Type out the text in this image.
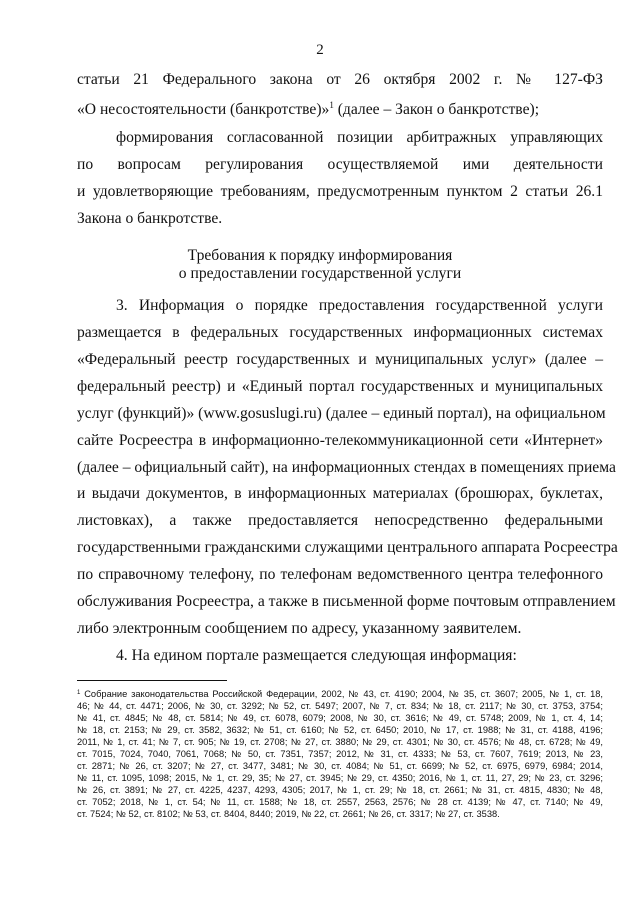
2
статьи 21 Федерального закона от 26 октября 2002 г. № 127-ФЗ
«О несостоятельности (банкротстве)»$^1$ (далее – Закон о банкротстве);
формирования согласованной позиции арбитражных управляющих
по вопросам регулирования осуществляемой ими деятельности
и удовлетворяющие требованиям, предусмотренным пунктом 2 статьи 26.1
Закона о банкротстве.
Требования к порядку информирования
о предоставлении государственной услуги
3. Информация о порядке предоставления государственной услуги
размещается в федеральных государственных информационных системах
«Федеральный реестр государственных и муниципальных услуг» (далее –
федеральный реестр) и «Единый портал государственных и муниципальных
услуг (функций)» (www.gosuslugi.ru) (далее – единый портал), на официальном
сайте Росреестра в информационно-телекоммуникационной сети «Интернет»
(далее – официальный сайт), на информационных стендах в помещениях приема
и выдачи документов, в информационных материалах (брошюрах, буклетах,
листовках), а также предоставляется непосредственно федеральными
государственными гражданскими служащими центрального аппарата Росреестра
по справочному телефону, по телефонам ведомственного центра телефонного
обслуживания Росреестра, а также в письменной форме почтовым отправлением
либо электронным сообщением по адресу, указанному заявителем.
4. На едином портале размещается следующая информация:
$^1$ Собрание законодательства Российской Федерации, 2002, № 43, ст. 4190; 2004, № 35, ст. 3607; 2005, № 1, ст. 18,
46; № 44, ст. 4471; 2006, № 30, ст. 3292; № 52, ст. 5497; 2007, № 7, ст. 834; № 18, ст. 2117; № 30, ст. 3753, 3754;
№ 41, ст. 4845; № 48, ст. 5814; № 49, ст. 6078, 6079; 2008, № 30, ст. 3616; № 49, ст. 5748; 2009, № 1, ст. 4, 14;
№ 18, ст. 2153; № 29, ст. 3582, 3632; № 51, ст. 6160; № 52, ст. 6450; 2010, № 17, ст. 1988; № 31, ст. 4188, 4196;
2011, № 1, ст. 41; № 7, ст. 905; № 19, ст. 2708; № 27, ст. 3880; № 29, ст. 4301; № 30, ст. 4576; № 48, ст. 6728; № 49,
ст. 7015, 7024, 7040, 7061, 7068; № 50, ст. 7351, 7357; 2012, № 31, ст. 4333; № 53, ст. 7607, 7619; 2013, № 23,
ст. 2871; № 26, ст. 3207; № 27, ст. 3477, 3481; № 30, ст. 4084; № 51, ст. 6699; № 52, ст. 6975, 6979, 6984; 2014,
№ 11, ст. 1095, 1098; 2015, № 1, ст. 29, 35; № 27, ст. 3945; № 29, ст. 4350; 2016, № 1, ст. 11, 27, 29; № 23, ст. 3296;
№ 26, ст. 3891; № 27, ст. 4225, 4237, 4293, 4305; 2017, № 1, ст. 29; № 18, ст. 2661; № 31, ст. 4815, 4830; № 48,
ст. 7052; 2018, № 1, ст. 54; № 11, ст. 1588; № 18, ст. 2557, 2563, 2576; № 28 ст. 4139; № 47, ст. 7140; № 49,
ст. 7524; № 52, ст. 8102; № 53, ст. 8404, 8440; 2019, № 22, ст. 2661; № 26, ст. 3317; № 27, ст. 3538.
